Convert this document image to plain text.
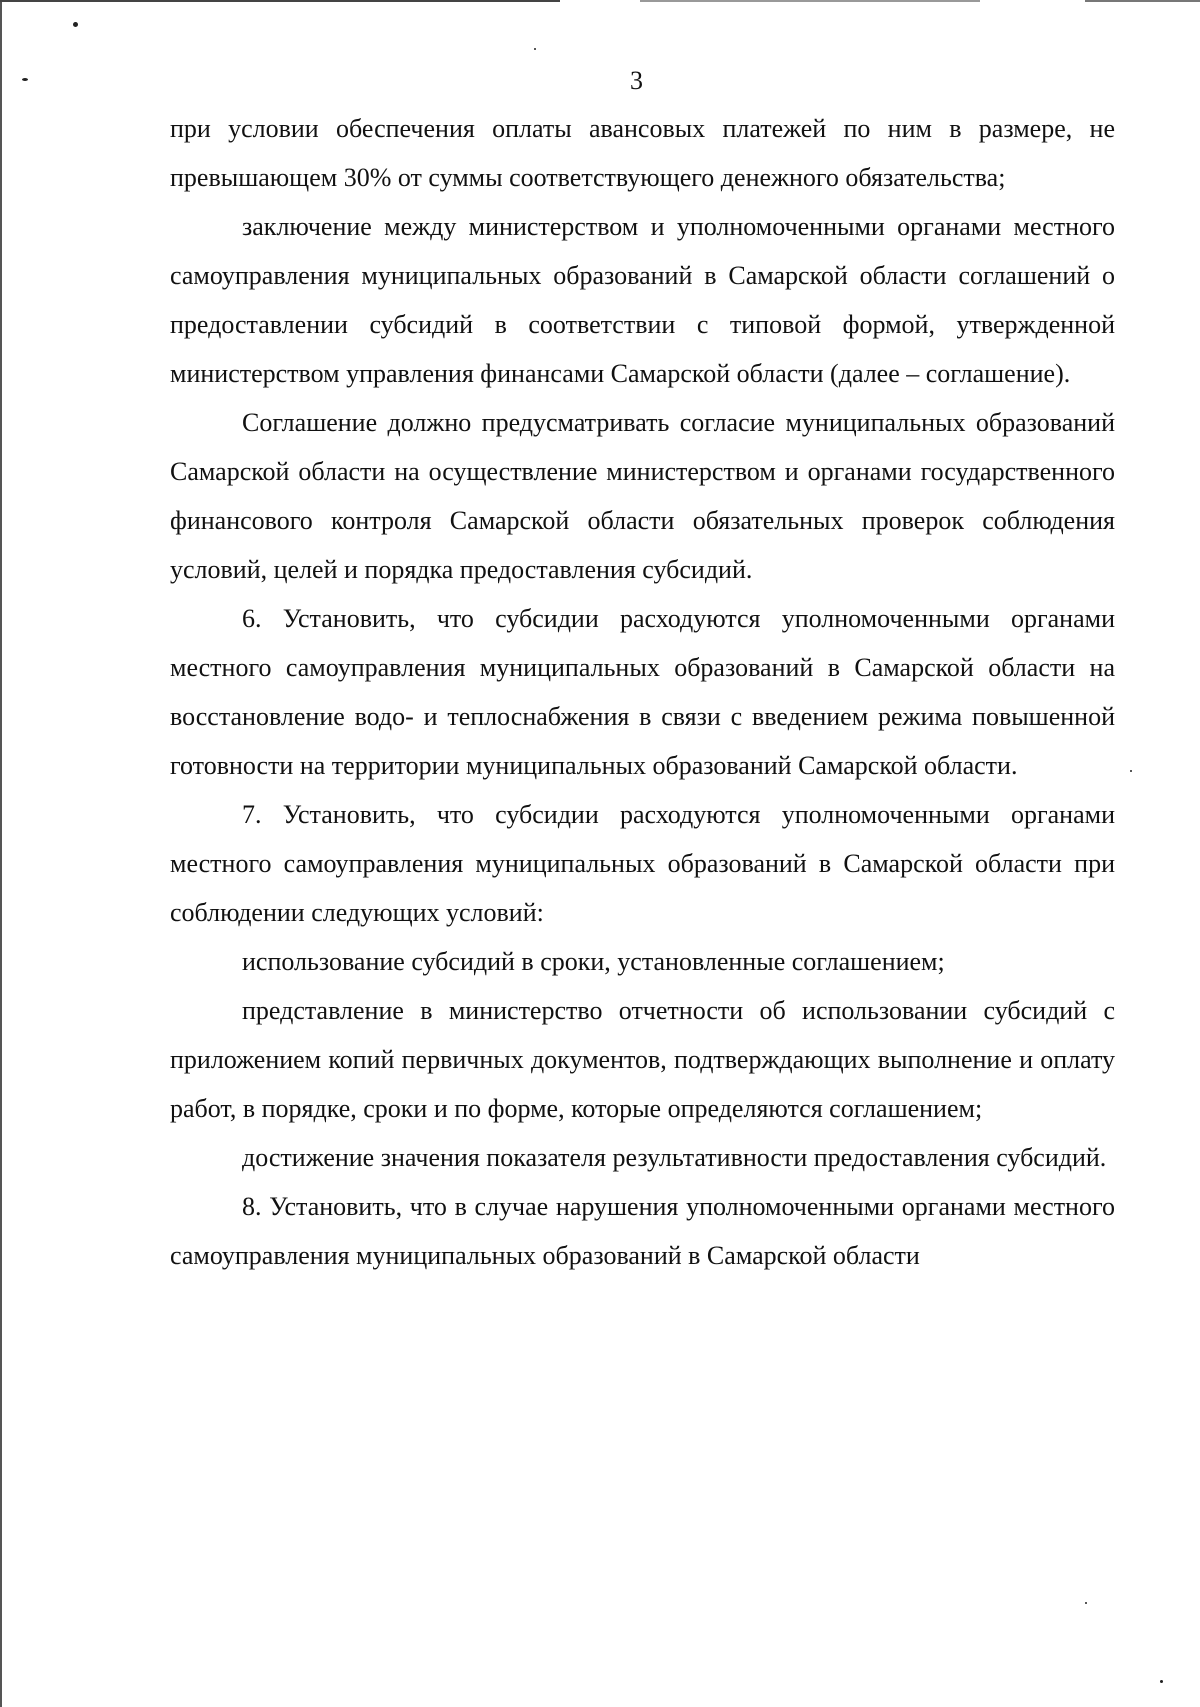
3

при условии обеспечения оплаты авансовых платежей по ним в размере, не превышающем 30% от суммы соответствующего денежного обязательства;

заключение между министерством и уполномоченными органами местного самоуправления муниципальных образований в Самарской области соглашений о предоставлении субсидий в соответствии с типовой формой, утвержденной министерством управления финансами Самарской области (далее – соглашение).

Соглашение должно предусматривать согласие муниципальных образований Самарской области на осуществление министерством и органами государственного финансового контроля Самарской области обязательных проверок соблюдения условий, целей и порядка предоставления субсидий.

6. Установить, что субсидии расходуются уполномоченными органами местного самоуправления муниципальных образований в Самарской области на восстановление водо- и теплоснабжения в связи с введением режима повышенной готовности на территории муниципальных образований Самарской области.

7. Установить, что субсидии расходуются уполномоченными органами местного самоуправления муниципальных образований в Самарской области при соблюдении следующих условий:

использование субсидий в сроки, установленные соглашением;

представление в министерство отчетности об использовании субсидий с приложением копий первичных документов, подтверждающих выполнение и оплату работ, в порядке, сроки и по форме, которые определяются соглашением;

достижение значения показателя результативности предоставления субсидий.

8. Установить, что в случае нарушения уполномоченными органами местного самоуправления муниципальных образований в Самарской области
